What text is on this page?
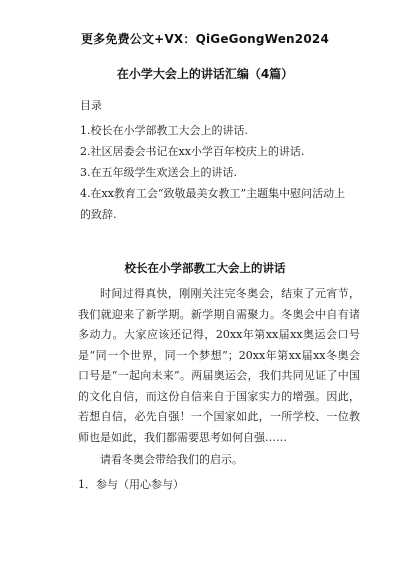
更多免费公文+VX：QiGeGongWen2024
在小学大会上的讲话汇编（4篇）
目录
1.校长在小学部教工大会上的讲话.
2.社区居委会书记在xx小学百年校庆上的讲话.
3.在五年级学生欢送会上的讲话.
4.在xx教育工会“致敬最美女教工”主题集中慰问活动上的致辞.
校长在小学部教工大会上的讲话

时间过得真快，刚刚关注完冬奥会，结束了元宵节，我们就迎来了新学期。新学期自需聚力。冬奥会中自有诸多动力。大家应该还记得，20xx年第xx届xx奥运会口号是“同一个世界，同一个梦想”；20xx年第xx届xx冬奥会口号是“一起向未来”。两届奥运会，我们共同见证了中国的文化自信，而这份自信来自于国家实力的增强。因此，若想自信，必先自强！一个国家如此，一所学校、一位教师也是如此，我们都需要思考如何自强……

请看冬奥会带给我们的启示。

1．参与（用心参与）
